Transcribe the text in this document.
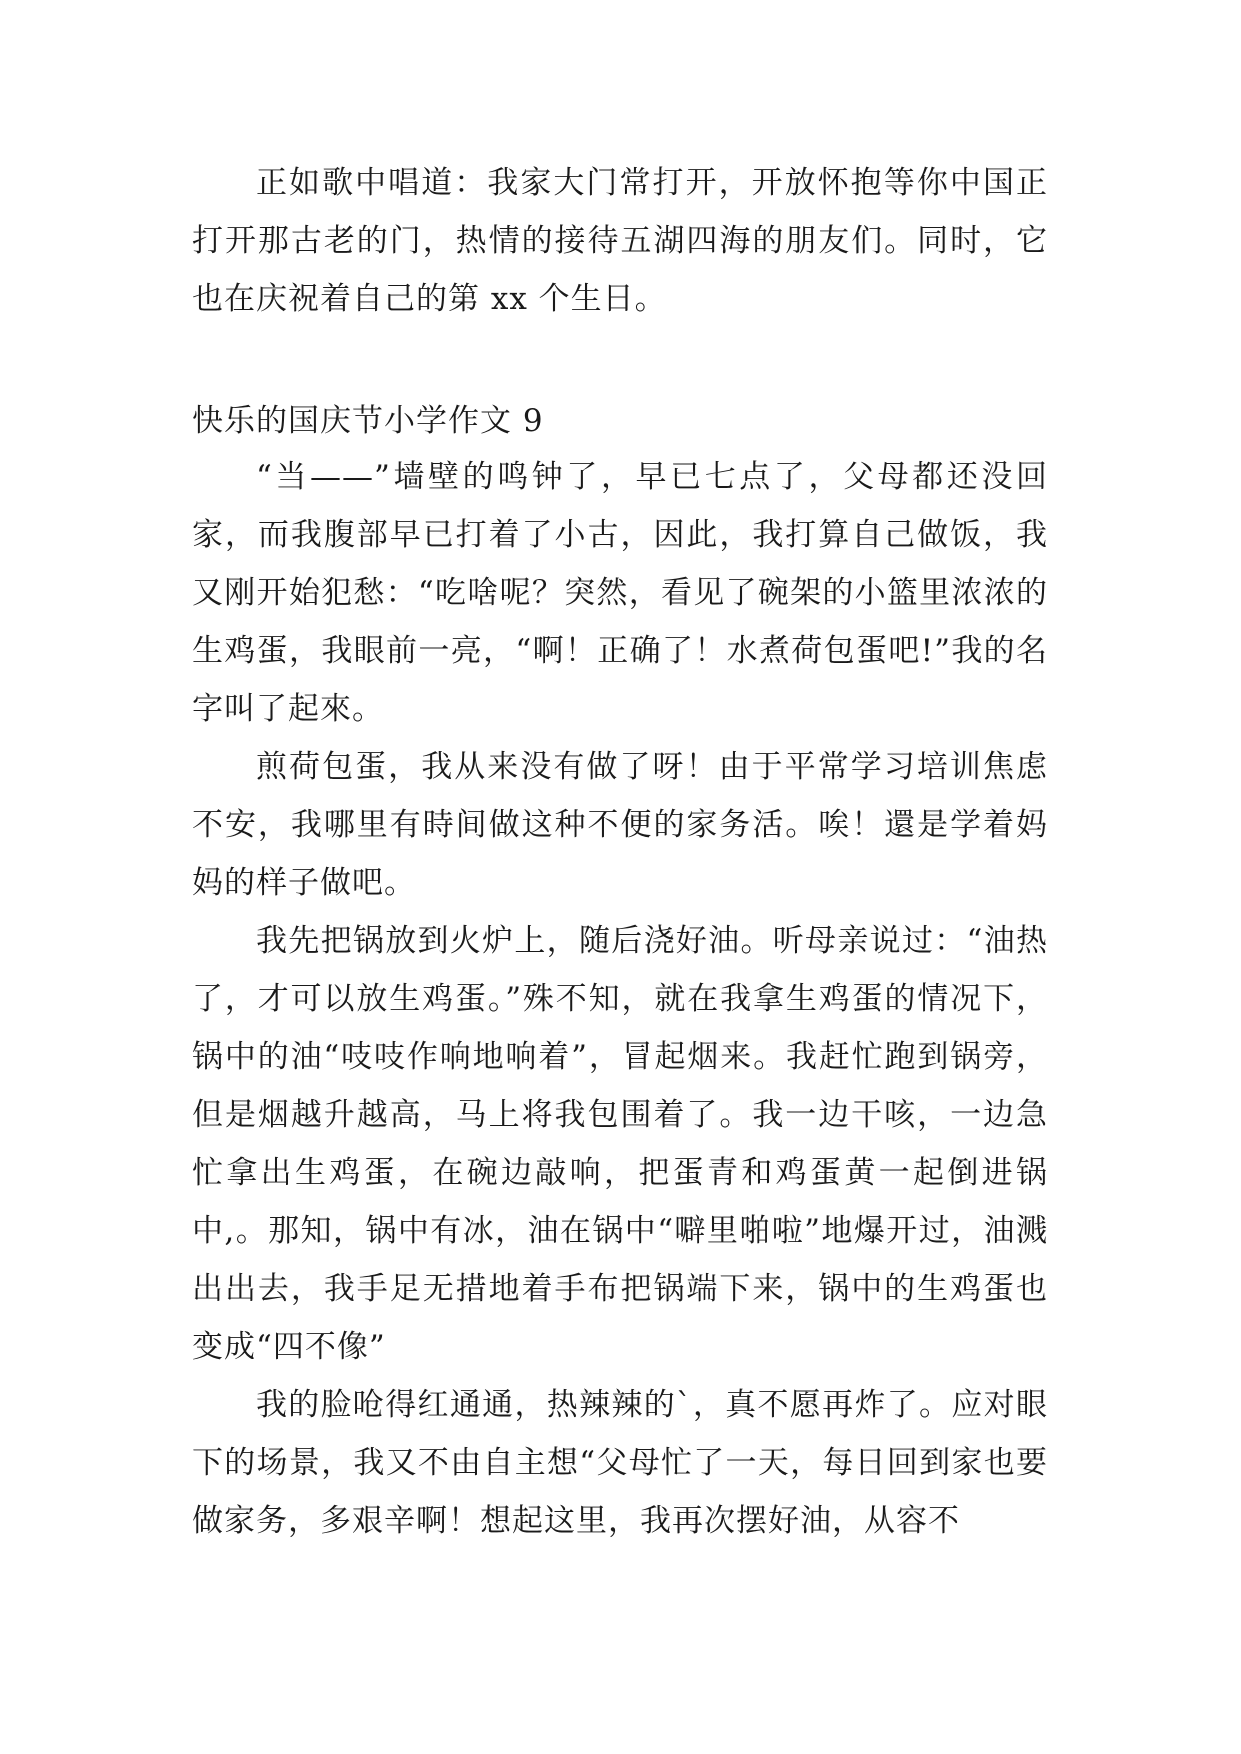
正如歌中唱道：我家大门常打开，开放怀抱等你中国正打开那古老的门，热情的接待五湖四海的朋友们。同时，它也在庆祝着自己的第 xx 个生日。

快乐的国庆节小学作文 9

“当——”墙壁的鸣钟了，早已七点了，父母都还没回家，而我腹部早已打着了小古，因此，我打算自己做饭，我又刚开始犯愁：“吃啥呢？突然，看见了碗架的小篮里浓浓的生鸡蛋，我眼前一亮，“啊！正确了！水煮荷包蛋吧!”我的名字叫了起來。

煎荷包蛋，我从来没有做了呀！由于平常学习培训焦虑不安，我哪里有時间做这种不便的家务活。唉！還是学着妈妈的样子做吧。

我先把锅放到火炉上，随后浇好油。听母亲说过：“油热了，才可以放生鸡蛋。”殊不知，就在我拿生鸡蛋的情况下，锅中的油“吱吱作响地响着”，冒起烟来。我赶忙跑到锅旁，但是烟越升越高，马上将我包围着了。我一边干咳，一边急忙拿出生鸡蛋，在碗边敲响，把蛋青和鸡蛋黄一起倒进锅中,。那知，锅中有冰，油在锅中“噼里啪啦”地爆开过，油溅出出去，我手足无措地着手布把锅端下来，锅中的生鸡蛋也变成“四不像”

我的脸呛得红通通，热辣辣的`，真不愿再炸了。应对眼下的场景，我又不由自主想“父母忙了一天，每日回到家也要做家务，多艰辛啊！想起这里，我再次摆好油，从容不
